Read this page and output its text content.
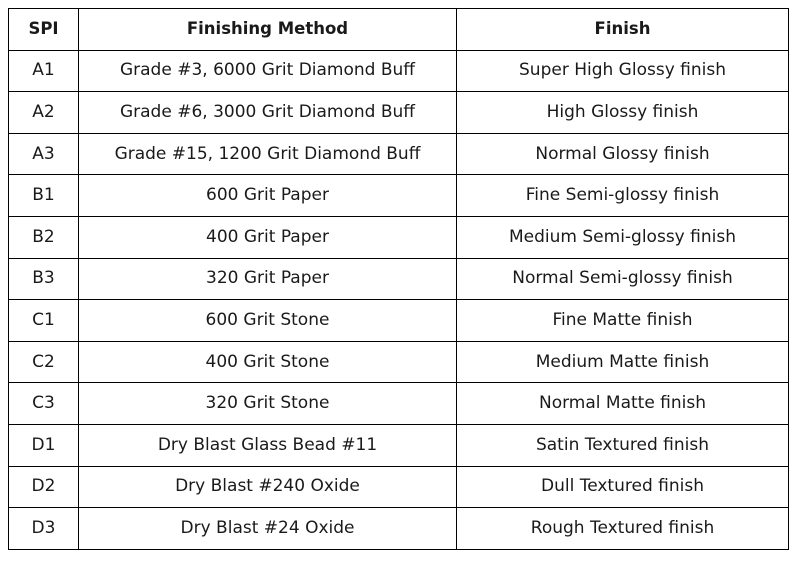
SPI	Finishing Method	Finish
A1	Grade #3, 6000 Grit Diamond Buff	Super High Glossy finish
A2	Grade #6, 3000 Grit Diamond Buff	High Glossy finish
A3	Grade #15, 1200 Grit Diamond Buff	Normal Glossy finish
B1	600 Grit Paper	Fine Semi-glossy finish
B2	400 Grit Paper	Medium Semi-glossy finish
B3	320 Grit Paper	Normal Semi-glossy finish
C1	600 Grit Stone	Fine Matte finish
C2	400 Grit Stone	Medium Matte finish
C3	320 Grit Stone	Normal Matte finish
D1	Dry Blast Glass Bead #11	Satin Textured finish
D2	Dry Blast #240 Oxide	Dull Textured finish
D3	Dry Blast #24 Oxide	Rough Textured finish
